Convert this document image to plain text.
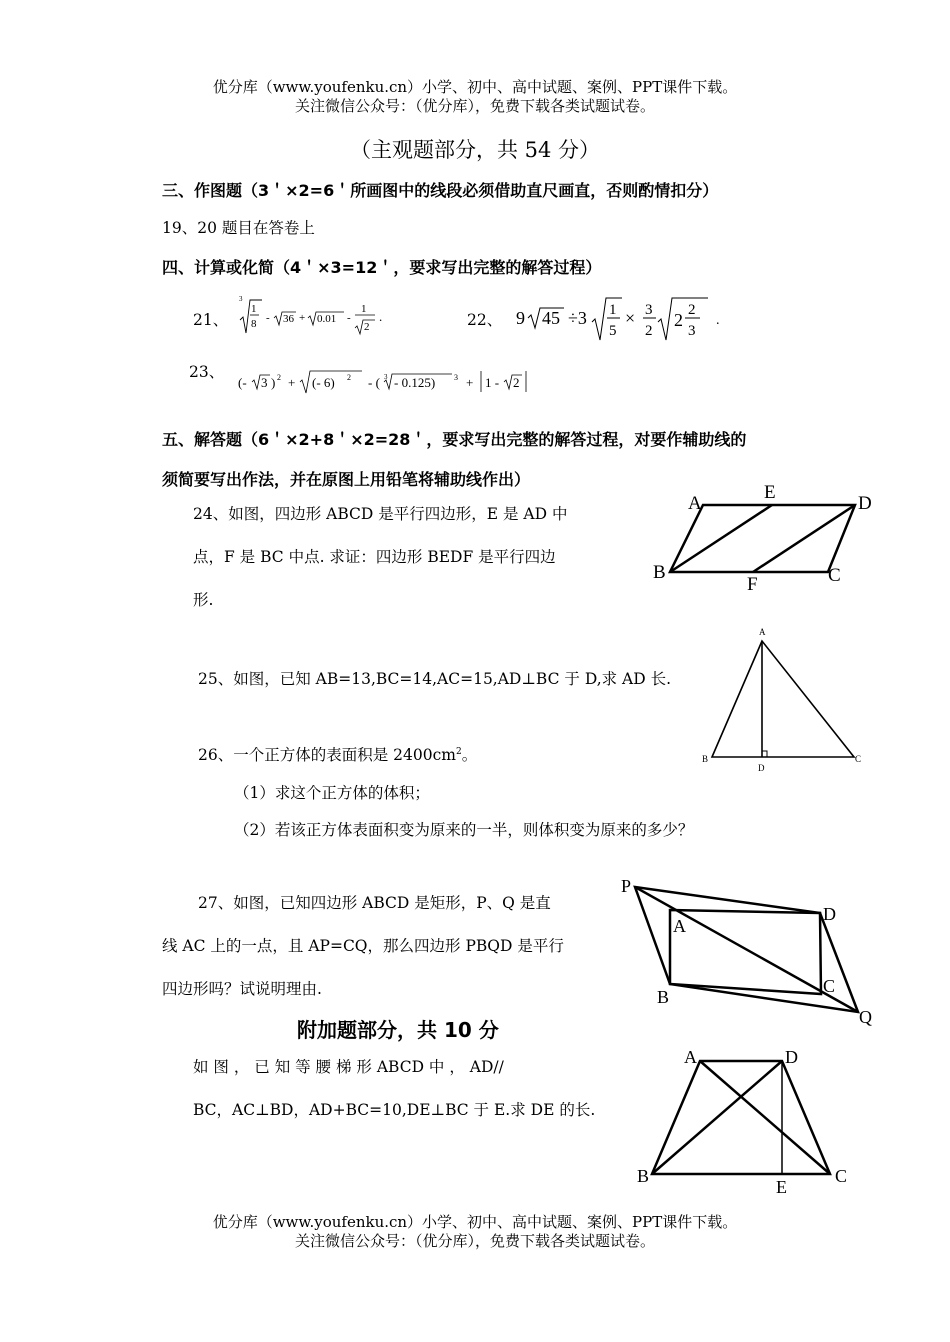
优分库（www.youfenku.cn）小学、初中、高中试题、案例、PPT课件下载。
关注微信公众号：（优分库），免费下载各类试题试卷。
（主观题部分，共 54 分）
三、作图题（3＇×2=6＇所画图中的线段必须借助直尺画直，否则酌情扣分）
19、20 题目在答卷上
四、计算或化简（4＇×3=12＇，要求写出完整的解答过程）
21、
3
1
8 - 36 + 0.01 -
1
2
.	22、 9 45 ÷3 1
5
× 3
2
2 2
3
.
23、
(- 3 ) 2 + (- 6) 2 - ( 3 - 0.125) 3 + 1 - 2
五、解答题（6＇×2+8＇×2=28＇，要求写出完整的解答过程，对要作辅助线的
须简要写出作法，并在原图上用铅笔将辅助线作出）
24、如图，四边形 ABCD 是平行四边形，E 是 AD 中
点，F 是 BC 中点. 求证：四边形 BEDF 是平行四边
形.
A
E
D
B
F	C
25、如图，已知 AB=13,BC=14,AC=15,AD⊥BC 于 D,求 AD 长.
A
B
D
C
26、一个正方体的表面积是 $2400cm^2$。
（1）求这个正方体的体积；
（2）若该正方体表面积变为原来的一半，则体积变为原来的多少？
27、如图，已知四边形 ABCD 是矩形，P、Q 是直
线 AC 上的一点，且 AP=CQ，那么四边形 PBQD 是平行
四边形吗？试说明理由.
P
A
D
B
C
Q
附加题部分，共 10 分
如 图 ， 已 知 等 腰 梯 形 ABCD 中 ， AD//
BC，AC⊥BD，AD+BC=10,DE⊥BC 于 E.求 DE 的长.
A	D
B	C
E
优分库（www.youfenku.cn）小学、初中、高中试题、案例、PPT课件下载。
关注微信公众号：（优分库），免费下载各类试题试卷。
